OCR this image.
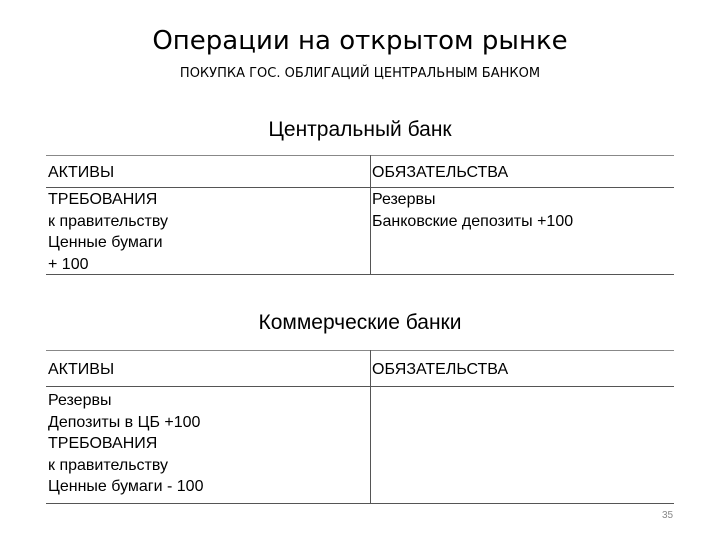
Операции на открытом рынке
ПОКУПКА ГОС. ОБЛИГАЦИЙ ЦЕНТРАЛЬНЫМ БАНКОМ
Центральный банк
АКТИВЫ	ОБЯЗАТЕЛЬСТВА
ТРЕБОВАНИЯ
к правительству
Ценные бумаги
+ 100
Резервы
Банковские депозиты +100
Коммерческие банки
АКТИВЫ	ОБЯЗАТЕЛЬСТВА
Резервы
Депозиты в ЦБ +100
ТРЕБОВАНИЯ
к правительству
Ценные бумаги - 100
35
